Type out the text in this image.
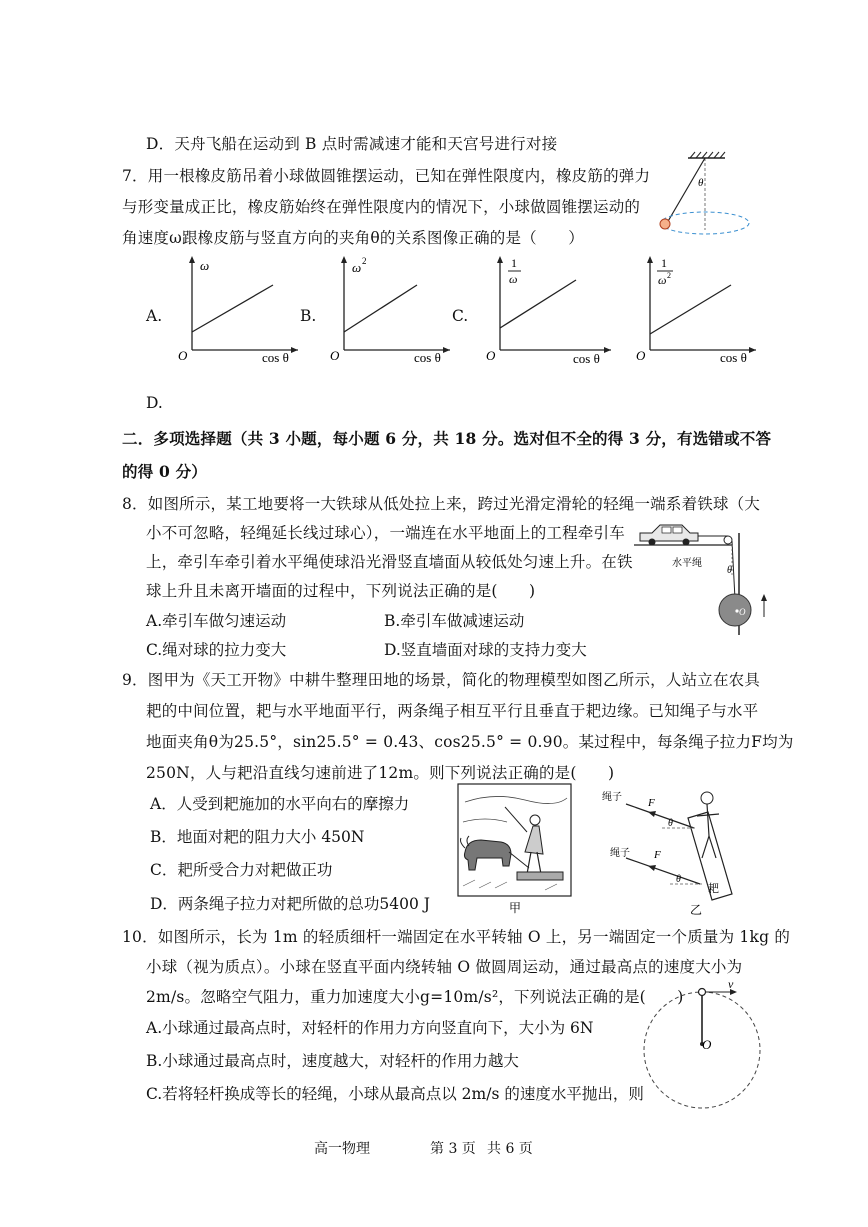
D．天舟飞船在运动到 B 点时需减速才能和天宫号进行对接
7．用一根橡皮筋吊着小球做圆锥摆运动，已知在弹性限度内，橡皮筋的弹力
与形变量成正比，橡皮筋始终在弹性限度内的情况下，小球做圆锥摆运动的
角速度ω跟橡皮筋与竖直方向的夹角θ的关系图像正确的是（　　）
θ
A.	B.	C.
D.
ω
O	cos θ
ω 2
O	cos θ
1
ω
O	cos θ
1
ω 2
O	cos θ
二．多项选择题（共 3 小题，每小题 6 分，共 18 分。选对但不全的得 3 分，有选错或不答
的得 0 分）
8．如图所示，某工地要将一大铁球从低处拉上来，跨过光滑定滑轮的轻绳一端系着铁球（大
小不可忽略，轻绳延长线过球心），一端连在水平地面上的工程牵引车
上，牵引车牵引着水平绳使球沿光滑竖直墙面从较低处匀速上升。在铁
球上升且未离开墙面的过程中，下列说法正确的是(　　)
A.牵引车做匀速运动	B.牵引车做减速运动
C.绳对球的拉力变大	D.竖直墙面对球的支持力变大
O
水平绳
θ
9．图甲为《天工开物》中耕牛整理田地的场景，简化的物理模型如图乙所示，人站立在农具
耙的中间位置，耙与水平地面平行，两条绳子相互平行且垂直于耙边缘。已知绳子与水平
地面夹角θ为25.5°，sin25.5° = 0.43、cos25.5° = 0.90。某过程中，每条绳子拉力F均为
250N，人与耙沿直线匀速前进了12m。则下列说法正确的是(　　)
A．人受到耙施加的水平向右的摩擦力
B．地面对耙的阻力大小 450N
C．耙所受合力对耙做正功
D．两条绳子拉力对耙所做的总功5400 J	甲
绳子
绳子
F
F
θ
θ
耙
乙
10．如图所示，长为 1m 的轻质细杆一端固定在水平转轴 O 上，另一端固定一个质量为 1kg 的
小球（视为质点）。小球在竖直平面内绕转轴 O 做圆周运动，通过最高点的速度大小为
2m/s。忽略空气阻力，重力加速度大小g=10m/s²，下列说法正确的是(　　)
A.小球通过最高点时，对轻杆的作用力方向竖直向下，大小为 6N
B.小球通过最高点时，速度越大，对轻杆的作用力越大
C.若将轻杆换成等长的轻绳，小球从最高点以 2m/s 的速度水平抛出，则
v
O
高一物理	第 3 页 共 6 页
